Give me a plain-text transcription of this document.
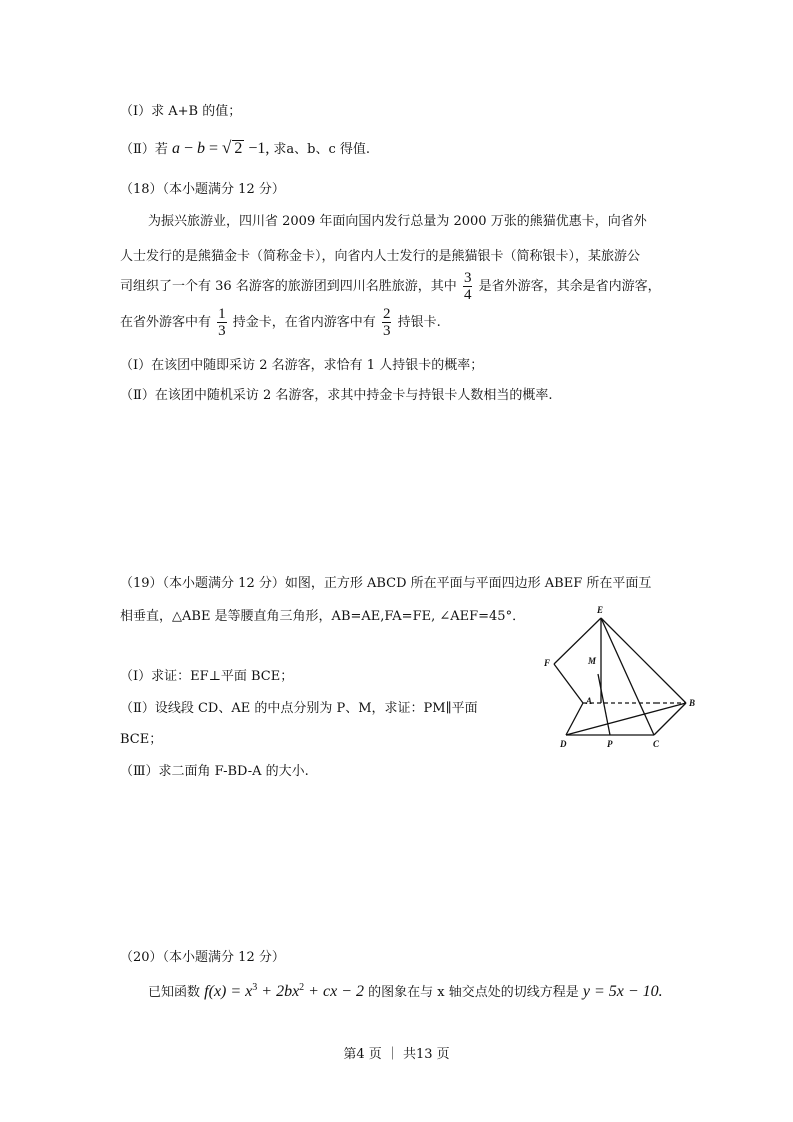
（Ⅰ）求 A+B 的值；
（Ⅱ）若 a − b = √ 2 −1, 求a、b、c 得值.
（18）（本小题满分 12 分）
为振兴旅游业，四川省 2009 年面向国内发行总量为 2000 万张的熊猫优惠卡，向省外
人士发行的是熊猫金卡（简称金卡），向省内人士发行的是熊猫银卡（简称银卡），某旅游公
司组织了一个有 36 名游客的旅游团到四川名胜旅游，其中 $\frac{3}{4}$ 是省外游客，其余是省内游客，
在省外游客中有 $\frac{1}{3}$ 持金卡，在省内游客中有 $\frac{2}{3}$ 持银卡.
（Ⅰ）在该团中随即采访 2 名游客，求恰有 1 人持银卡的概率；
（Ⅱ）在该团中随机采访 2 名游客，求其中持金卡与持银卡人数相当的概率.
（19）（本小题满分 12 分）如图，正方形 ABCD 所在平面与平面四边形 ABEF 所在平面互
相垂直，△ABE 是等腰直角三角形，AB=AE,FA=FE, ∠AEF=45°．
（Ⅰ）求证：EF⊥平面 BCE；
（Ⅱ）设线段 CD、AE 的中点分别为 P、M，求证：PM∥平面
BCE；
（Ⅲ）求二面角 F-BD-A 的大小.
E
F	M
A	B
D	P	C
（20）（本小题满分 12 分）
已知函数 $f(x) = x^3 + 2bx^2$ + cx − 2 的图象在与 x 轴交点处的切线方程是 y = 5x − 10.
第4 页 ｜ 共13 页
